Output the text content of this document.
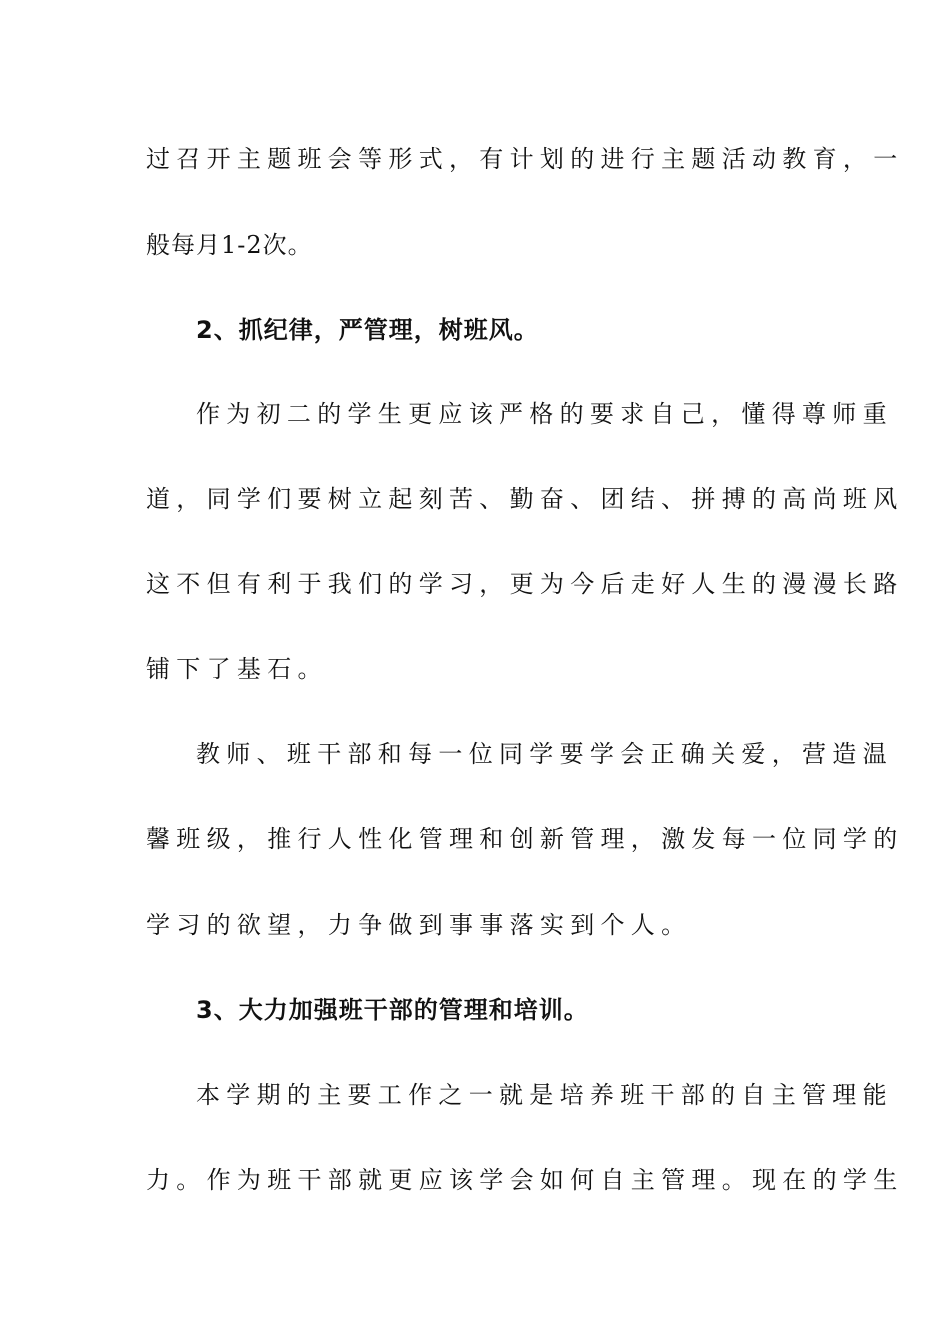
过召开主题班会等形式，有计划的进行主题活动教育，一
般每月1-2次。
2、抓纪律，严管理，树班风。
作为初二的学生更应该严格的要求自己，懂得尊师重
道，同学们要树立起刻苦、勤奋、团结、拼搏的高尚班风
这不但有利于我们的学习，更为今后走好人生的漫漫长路
铺下了基石。
教师、班干部和每一位同学要学会正确关爱，营造温
馨班级，推行人性化管理和创新管理，激发每一位同学的
学习的欲望，力争做到事事落实到个人。
3、大力加强班干部的管理和培训。
本学期的主要工作之一就是培养班干部的自主管理能
力。作为班干部就更应该学会如何自主管理。现在的学生
